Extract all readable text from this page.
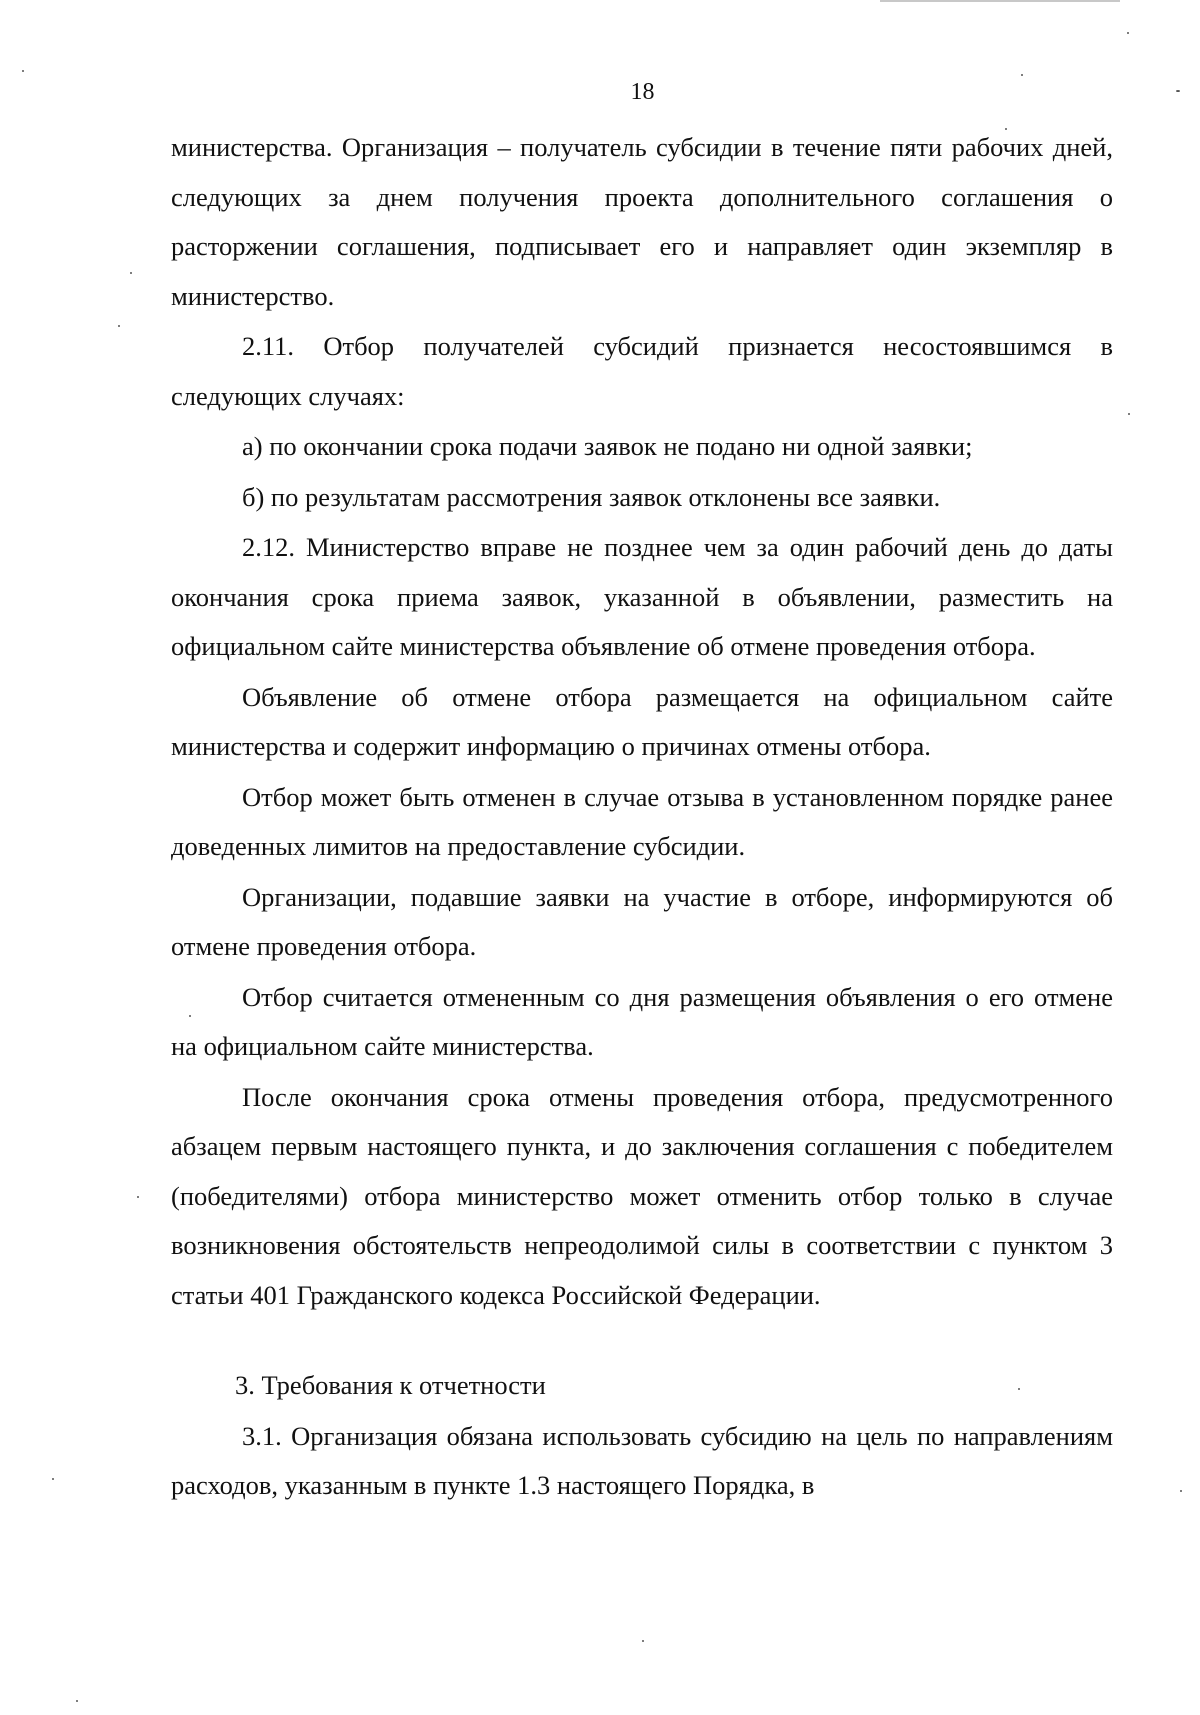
18

министерства. Организация – получатель субсидии в течение пяти рабочих дней, следующих за днем получения проекта дополнительного соглашения о расторжении соглашения, подписывает его и направляет один экземпляр в министерство.

2.11. Отбор получателей субсидий признается несостоявшимся в следующих случаях:

а) по окончании срока подачи заявок не подано ни одной заявки;

б) по результатам рассмотрения заявок отклонены все заявки.

2.12. Министерство вправе не позднее чем за один рабочий день до даты окончания срока приема заявок, указанной в объявлении, разместить на официальном сайте министерства объявление об отмене проведения отбора.

Объявление об отмене отбора размещается на официальном сайте министерства и содержит информацию о причинах отмены отбора.

Отбор может быть отменен в случае отзыва в установленном порядке ранее доведенных лимитов на предоставление субсидии.

Организации, подавшие заявки на участие в отборе, информируются об отмене проведения отбора.

Отбор считается отмененным со дня размещения объявления о его отмене на официальном сайте министерства.

После окончания срока отмены проведения отбора, предусмотренного абзацем первым настоящего пункта, и до заключения соглашения с победителем (победителями) отбора министерство может отменить отбор только в случае возникновения обстоятельств непреодолимой силы в соответствии с пунктом 3 статьи 401 Гражданского кодекса Российской Федерации.

3. Требования к отчетности

3.1. Организация обязана использовать субсидию на цель по направлениям расходов, указанным в пункте 1.3 настоящего Порядка, в
